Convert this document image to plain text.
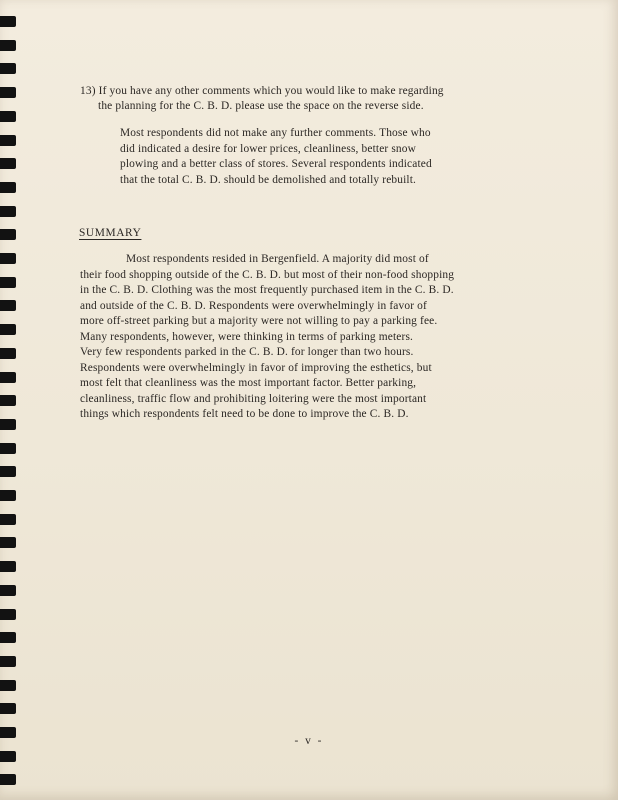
13) If you have any other comments which you would like to make regarding
the planning for the C. B. D. please use the space on the reverse side.
Most respondents did not make any further comments. Those who
did indicated a desire for lower prices, cleanliness, better snow
plowing and a better class of stores. Several respondents indicated
that the total C. B. D. should be demolished and totally rebuilt.
SUMMARY
Most respondents resided in Bergenfield. A majority did most of
their food shopping outside of the C. B. D. but most of their non-food shopping
in the C. B. D. Clothing was the most frequently purchased item in the C. B. D.
and outside of the C. B. D. Respondents were overwhelmingly in favor of
more off-street parking but a majority were not willing to pay a parking fee.
Many respondents, however, were thinking in terms of parking meters.
Very few respondents parked in the C. B. D. for longer than two hours.
Respondents were overwhelmingly in favor of improving the esthetics, but
most felt that cleanliness was the most important factor. Better parking,
cleanliness, traffic flow and prohibiting loitering were the most important
things which respondents felt need to be done to improve the C. B. D.
- v -
